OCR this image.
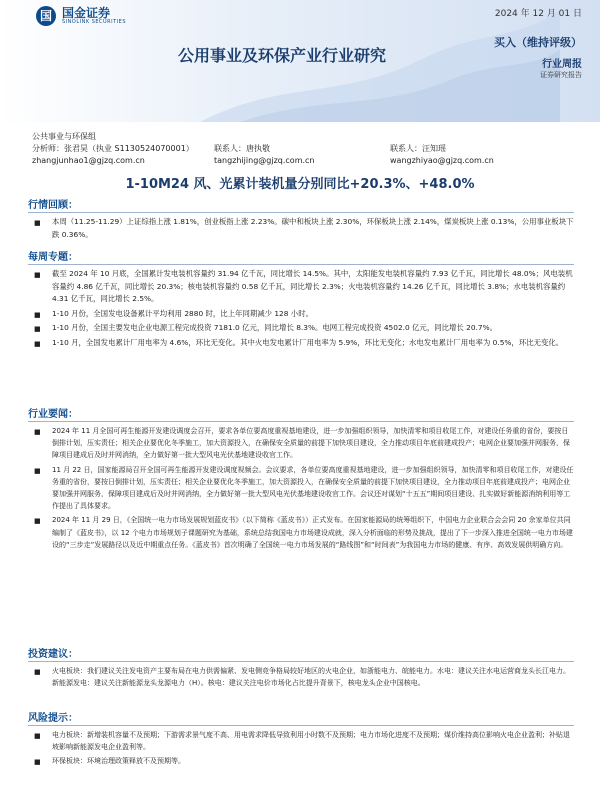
国 国金证券
SINOLINK SECURITIES
2024 年 12 月 01 日
公用事业及环保产业行业研究
买入（维持评级）
行业周报
证券研究报告
公共事业与环保组
分析师：张君昊（执业 S1130524070001）
zhangjunhao1@gjzq.com.cn
联系人：唐执敬
tangzhijing@gjzq.com.cn
联系人：汪知瑶
wangzhiyao@gjzq.com.cn
1-10M24 风、光累计装机量分别同比+20.3%、+48.0%
行情回顾：
■ 本周（11.25-11.29）上证综指上涨 1.81%，创业板指上涨 2.23%。碳中和板块上涨 2.30%，环保板块上涨 2.14%，煤炭板块上涨 0.13%，公用事业板块下跌 0.36%。
每周专题：
■ 截至 2024 年 10 月底，全国累计发电装机容量约 31.94 亿千瓦，同比增长 14.5%。其中，太阳能发电装机容量约 7.93 亿千瓦，同比增长 48.0%；风电装机容量约 4.86 亿千瓦，同比增长 20.3%；核电装机容量约 0.58 亿千瓦，同比增长 2.3%；火电装机容量约 14.26 亿千瓦，同比增长 3.8%；水电装机容量约 4.31 亿千瓦，同比增长 2.5%。
■ 1-10 月份，全国发电设备累计平均利用 2880 时，比上年同期减少 128 小时。
■ 1-10 月份，全国主要发电企业电源工程完成投资 7181.0 亿元，同比增长 8.3%。电网工程完成投资 4502.0 亿元，同比增长 20.7%。
■ 1-10 月，全国发电累计厂用电率为 4.6%，环比无变化。其中火电发电累计厂用电率为 5.9%，环比无变化；水电发电累计厂用电率为 0.5%，环比无变化。
行业要闻：
■ 2024 年 11 月全国可再生能源开发建设调度会召开，要求各单位要高度重视基地建设，进一步加强组织领导，加快清零和项目收尾工作，对建设任务重的省份，要按日倒排计划，压实责任；相关企业要优化冬季施工，加大资源投入，在确保安全质量的前提下加快项目建设，全力推动项目年底前建成投产；电网企业要加强并网服务，保障项目建成后及时并网消纳，全力做好第一批大型风电光伏基地建设收官工作。
■ 11 月 22 日，国家能源局召开全国可再生能源开发建设调度视频会。会议要求，各单位要高度重视基地建设，进一步加强组织领导，加快清零和项目收尾工作，对建设任务重的省份，要按日倒排计划，压实责任；相关企业要优化冬季施工，加大资源投入，在确保安全质量的前提下加快项目建设，全力推动项目年底前建成投产；电网企业要加强并网服务，保障项目建成后及时并网消纳，全力做好第一批大型风电光伏基地建设收官工作。会议还对谋划“十五五”期间项目建设、扎实做好新能源消纳利用等工作提出了具体要求。
■ 2024 年 11 月 29 日，《全国统一电力市场发展规划蓝皮书》（以下简称《蓝皮书》）正式发布。在国家能源局的统筹组织下，中国电力企业联合会会同 20 余家单位共同编制了《蓝皮书》，以 12 个电力市场规划子课题研究为基础，系统总结我国电力市场建设成就，深入分析面临的形势及挑战，提出了下一步深入推进全国统一电力市场建设的“三步走”发展路径以及近中期重点任务。《蓝皮书》首次明确了全国统一电力市场发展的“路线图”和“时间表”为我国电力市场的健康、有序、高效发展供明确方向。
投资建议：
■ 火电板块：我们建议关注发电资产主要布局在电力供需偏紧、发电侧竞争格局较好地区的火电企业，如浙能电力、皖能电力。水电：建议关注水电运营商龙头长江电力。新能源发电：建议关注新能源龙头龙源电力（H）。核电：建议关注电价市场化占比提升背景下，核电龙头企业中国核电。
风险提示：
■ 电力板块：新增装机容量不及预期；下游需求景气度不高、用电需求降低导致利用小时数不及预期；电力市场化进度不及预期；煤价维持高位影响火电企业盈利；补贴退坡影响新能源发电企业盈利等。
■ 环保板块：环境治理政策释放不及预期等。
